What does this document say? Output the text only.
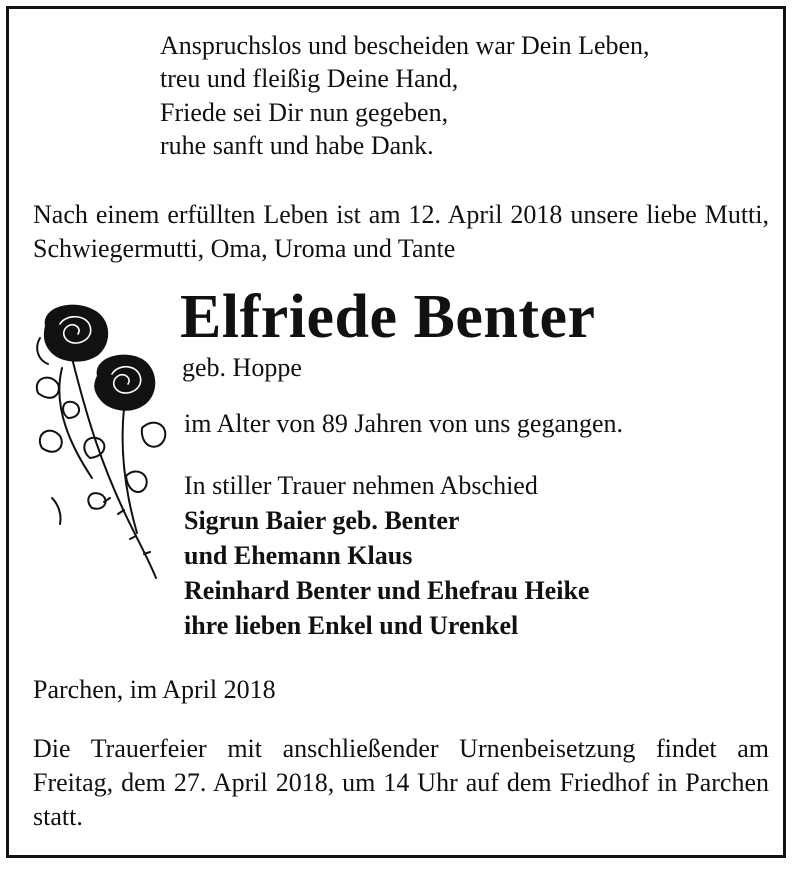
Anspruchslos und bescheiden war Dein Leben,

treu und fleißig Deine Hand,

Friede sei Dir nun gegeben,

ruhe sanft und habe Dank.

Nach einem erfüllten Leben ist am 12. April 2018 unsere liebe Mutti, Schwiegermutti, Oma, Uroma und Tante

Elfriede Benter

geb. Hoppe

im Alter von 89 Jahren von uns gegangen.

In stiller Trauer nehmen Abschied

Sigrun Baier geb. Benter

und Ehemann Klaus

Reinhard Benter und Ehefrau Heike

ihre lieben Enkel und Urenkel

Parchen, im April 2018

Die Trauerfeier mit anschließender Urnenbeisetzung findet am Freitag, dem 27. April 2018, um 14 Uhr auf dem Friedhof in Parchen statt.
